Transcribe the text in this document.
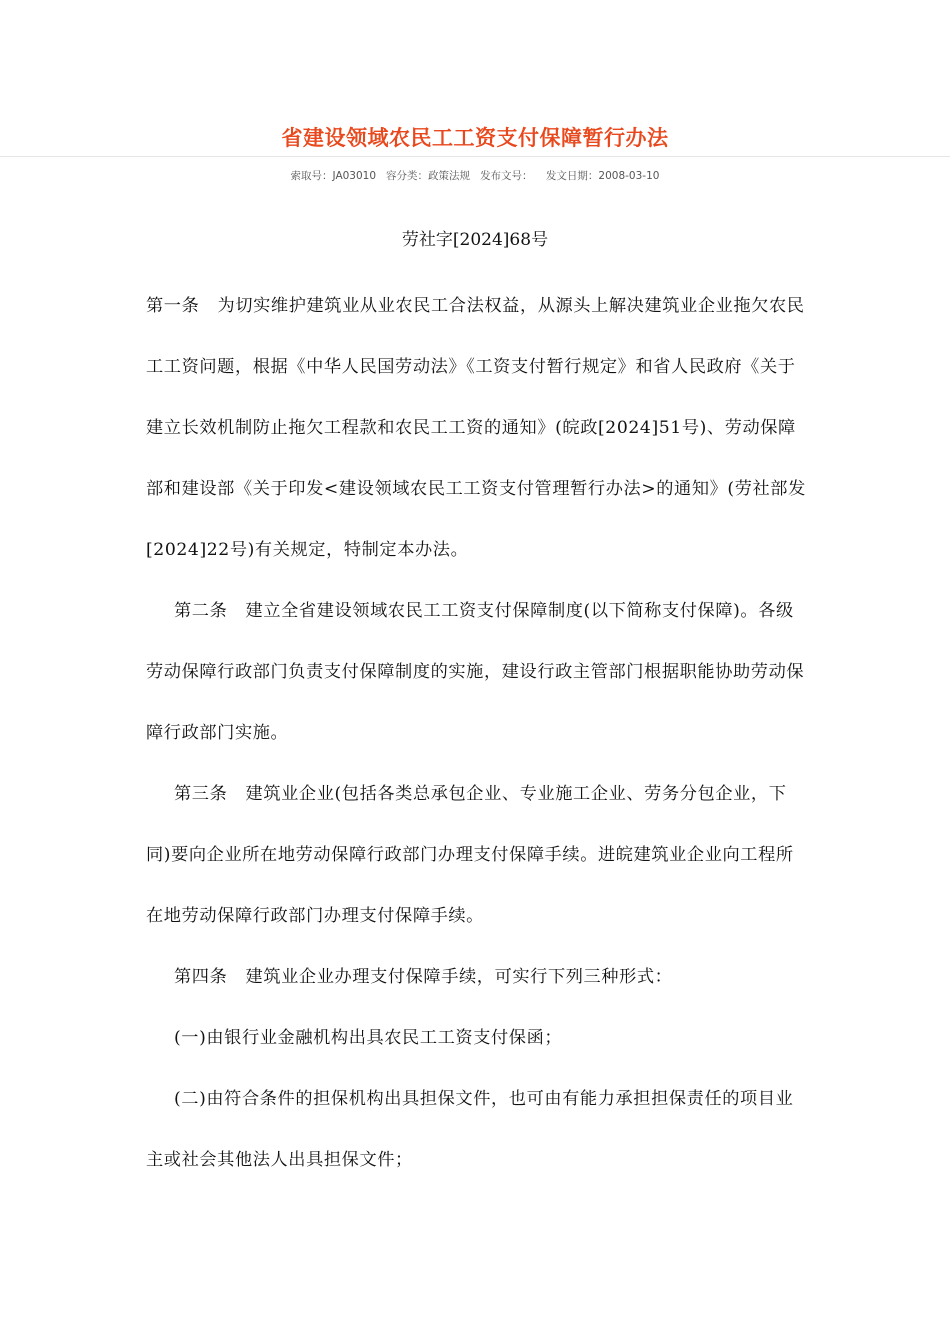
省建设领域农民工工资支付保障暂行办法
索取号：JA03010 容分类：政策法规 发布文号： 发文日期：2008-03-10
劳社字[2024]68号

第一条   为切实维护建筑业从业农民工合法权益，从源头上解决建筑业企业拖欠农民工工资问题，根据《中华人民国劳动法》《工资支付暂行规定》和省人民政府《关于建立长效机制防止拖欠工程款和农民工工资的通知》(皖政[2024]51号)、劳动保障部和建设部《关于印发<建设领域农民工工资支付管理暂行办法>的通知》(劳社部发[2024]22号)有关规定，特制定本办法。

第二条   建立全省建设领域农民工工资支付保障制度(以下简称支付保障)。各级劳动保障行政部门负责支付保障制度的实施，建设行政主管部门根据职能协助劳动保障行政部门实施。

第三条   建筑业企业(包括各类总承包企业、专业施工企业、劳务分包企业，下同)要向企业所在地劳动保障行政部门办理支付保障手续。进皖建筑业企业向工程所在地劳动保障行政部门办理支付保障手续。

第四条   建筑业企业办理支付保障手续，可实行下列三种形式：

(一)由银行业金融机构出具农民工工资支付保函；

(二)由符合条件的担保机构出具担保文件，也可由有能力承担担保责任的项目业主或社会其他法人出具担保文件；
